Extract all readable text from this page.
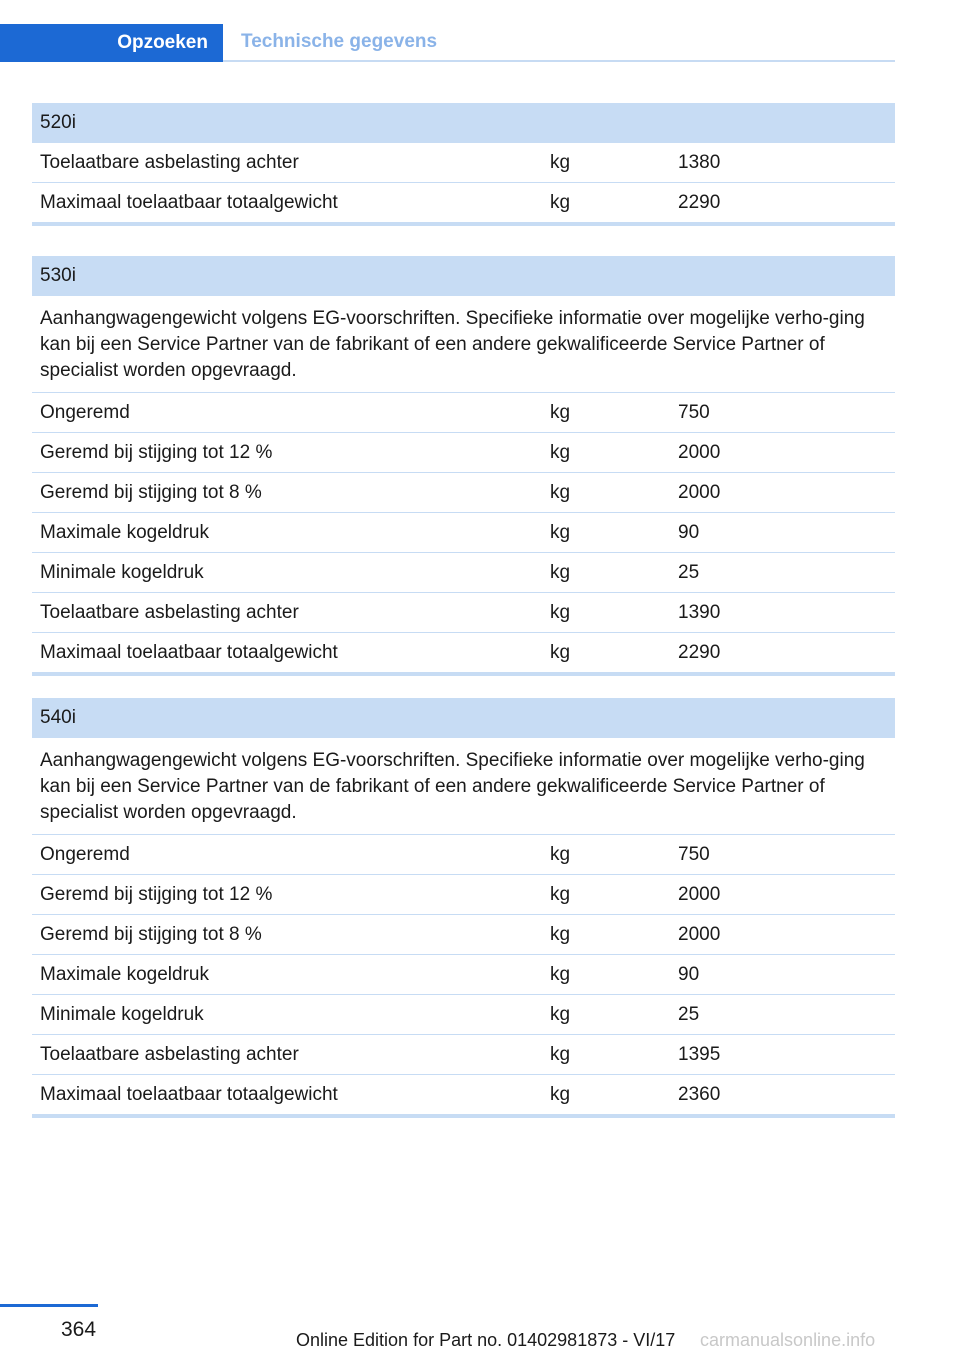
Opzoeken	Technische gegevens
520i
Toelaatbare asbelasting achter	kg	1380
Maximaal toelaatbaar totaalgewicht	kg	2290
530i
Aanhangwagengewicht volgens EG-voorschriften. Specifieke informatie over mogelijke verho-ging kan bij een Service Partner van de fabrikant of een andere gekwalificeerde Service Partner of specialist worden opgevraagd.
Ongeremd	kg	750
Geremd bij stijging tot 12 %	kg	2000
Geremd bij stijging tot 8 %	kg	2000
Maximale kogeldruk	kg	90
Minimale kogeldruk	kg	25
Toelaatbare asbelasting achter	kg	1390
Maximaal toelaatbaar totaalgewicht	kg	2290
540i
Aanhangwagengewicht volgens EG-voorschriften. Specifieke informatie over mogelijke verho-ging kan bij een Service Partner van de fabrikant of een andere gekwalificeerde Service Partner of specialist worden opgevraagd.
Ongeremd	kg	750
Geremd bij stijging tot 12 %	kg	2000
Geremd bij stijging tot 8 %	kg	2000
Maximale kogeldruk	kg	90
Minimale kogeldruk	kg	25
Toelaatbare asbelasting achter	kg	1395
Maximaal toelaatbaar totaalgewicht	kg	2360
364	Online Edition for Part no. 01402981873 - VI/17 carmanualsonline.info
